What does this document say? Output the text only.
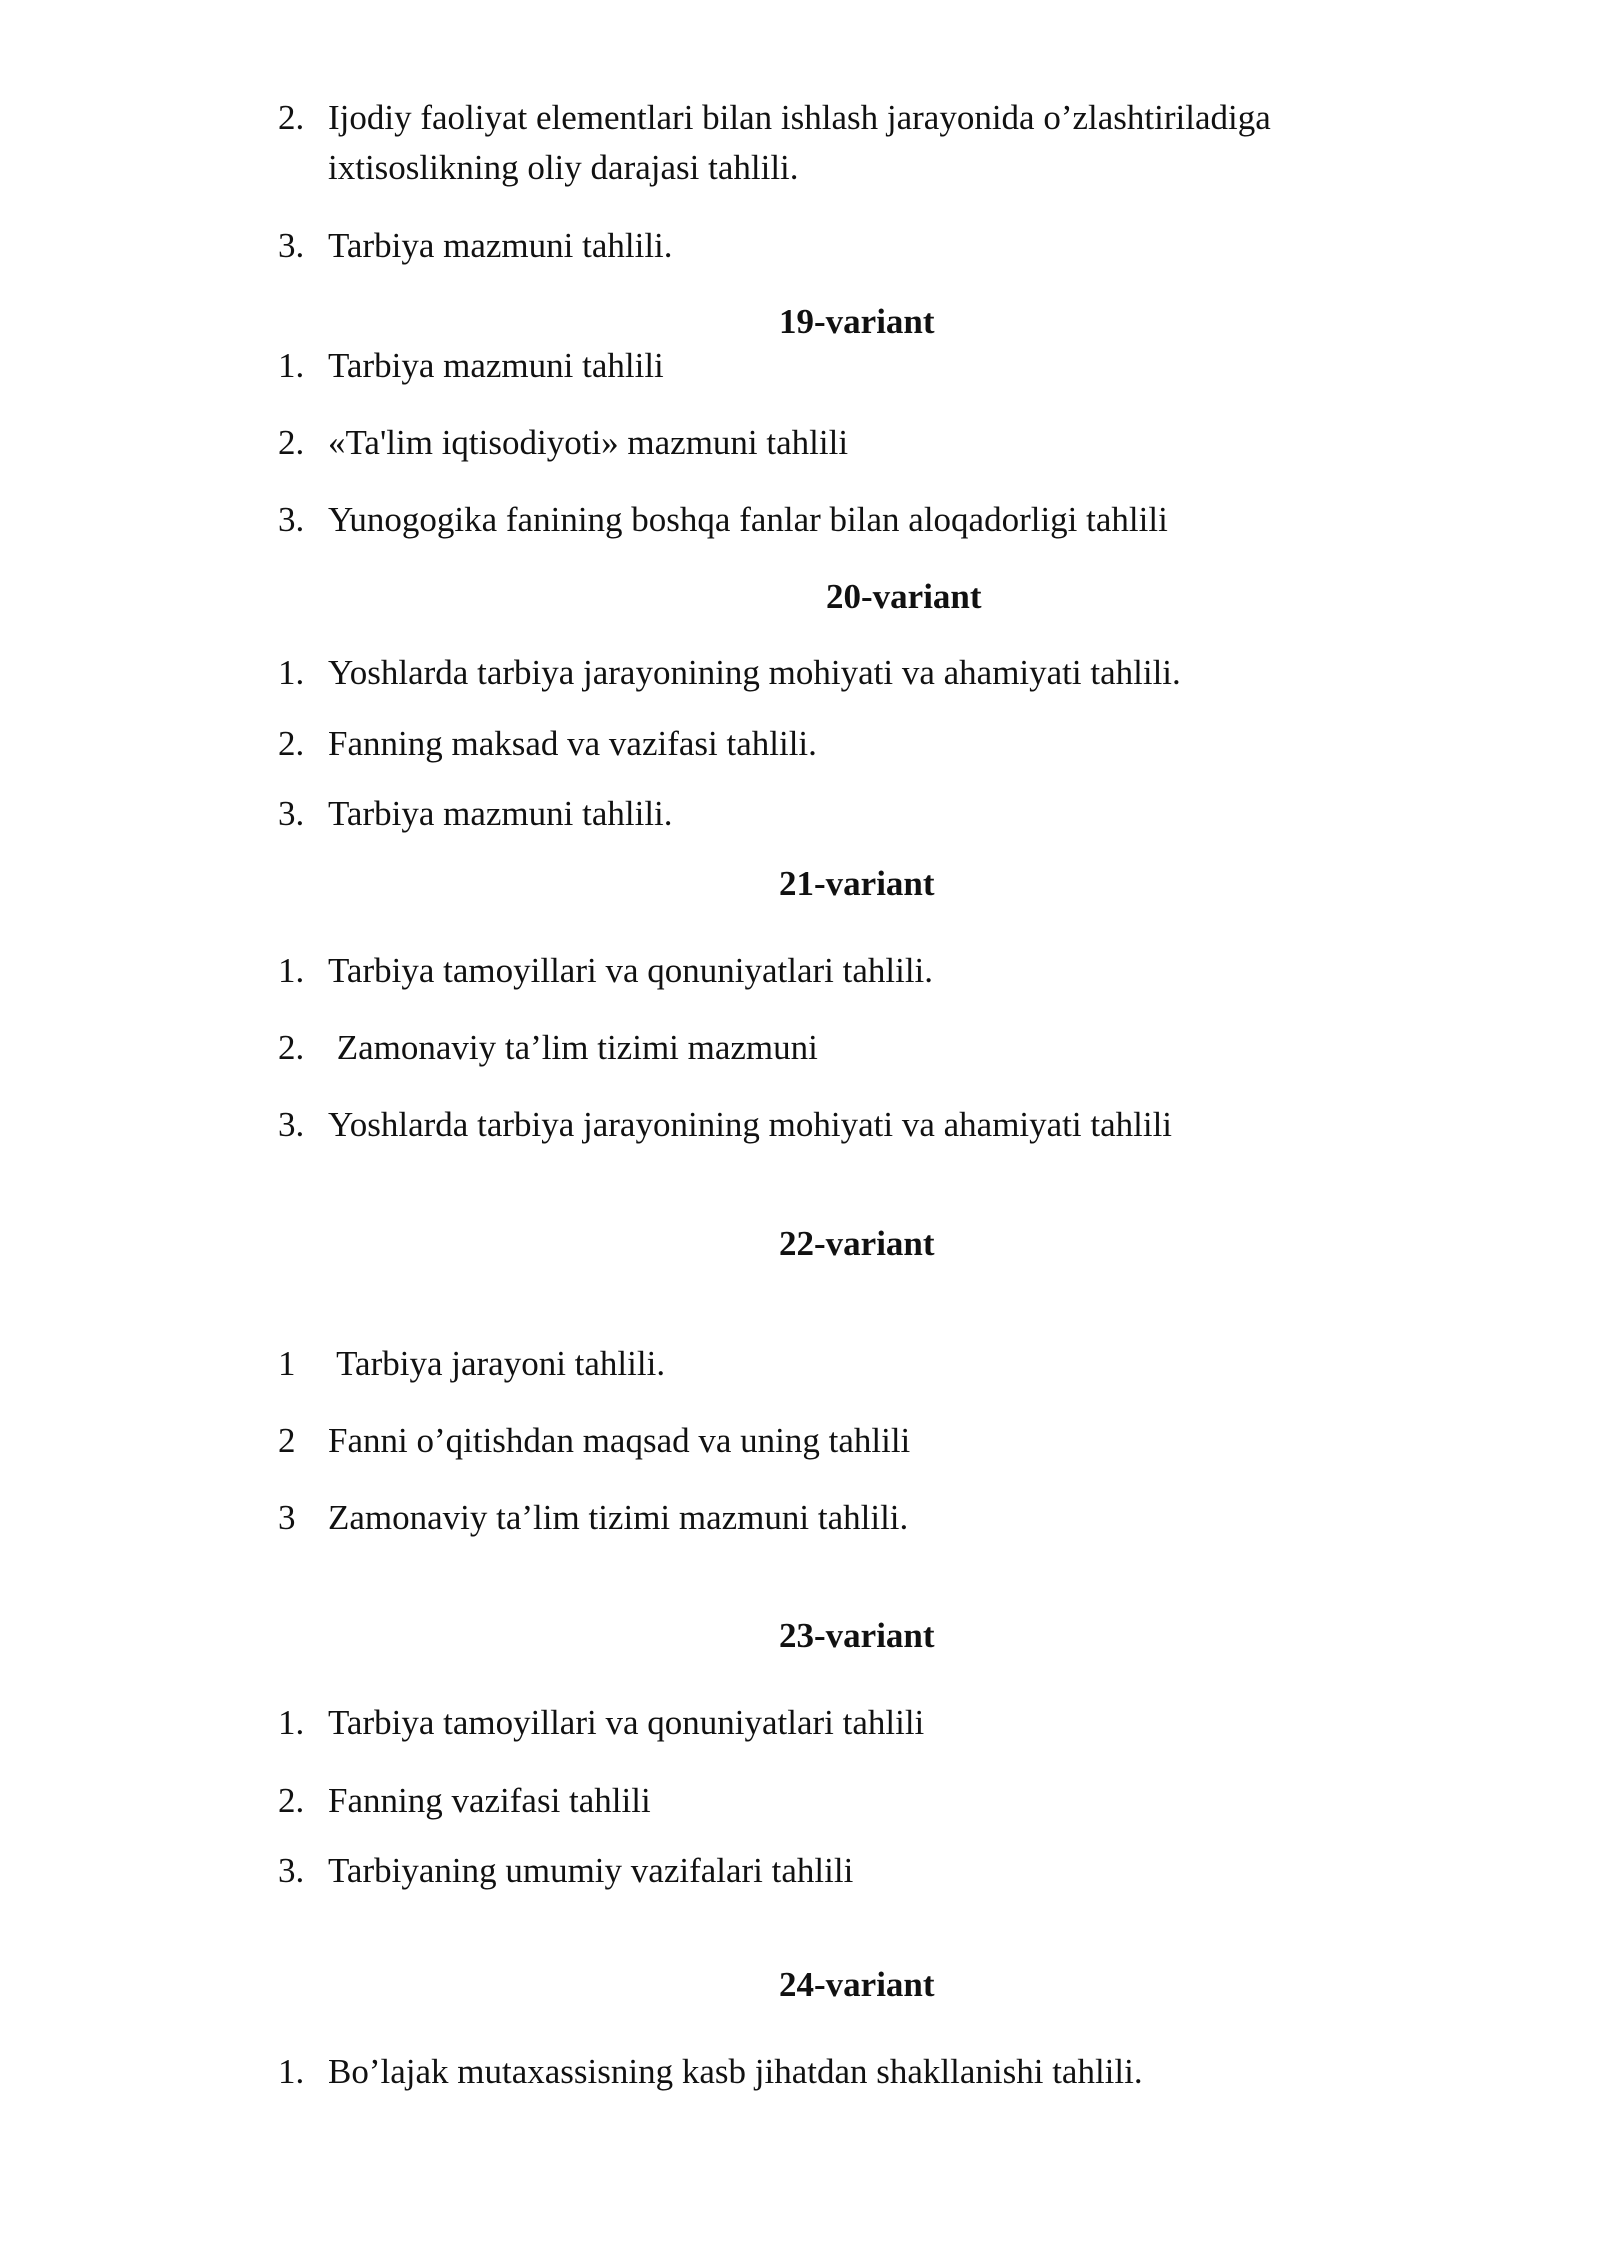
2. Ijodiy faoliyat elementlari bilan ishlash jarayonida o’zlashtiriladiga
ixtisoslikning oliy darajasi tahlili.
3. Tarbiya mazmuni tahlili.
19-variant
1. Tarbiya mazmuni tahlili
2. «Ta'lim iqtisodiyoti» mazmuni tahlili
3. Yunogogika fanining boshqa fanlar bilan aloqadorligi tahlili
20-variant
1. Yoshlarda tarbiya jarayonining mohiyati va ahamiyati tahlili.
2. Fanning maksad va vazifasi tahlili.
3. Tarbiya mazmuni tahlili.
21-variant
1. Tarbiya tamoyillari va qonuniyatlari tahlili.
2. Zamonaviy ta’lim tizimi mazmuni
3. Yoshlarda tarbiya jarayonining mohiyati va ahamiyati tahlili
22-variant
1 Tarbiya jarayoni tahlili.
2 Fanni o’qitishdan maqsad va uning tahlili
3 Zamonaviy ta’lim tizimi mazmuni tahlili.
23-variant
1. Tarbiya tamoyillari va qonuniyatlari tahlili
2. Fanning vazifasi tahlili
3. Tarbiyaning umumiy vazifalari tahlili
24-variant
1. Bo’lajak mutaxassisning kasb jihatdan shakllanishi tahlili.
